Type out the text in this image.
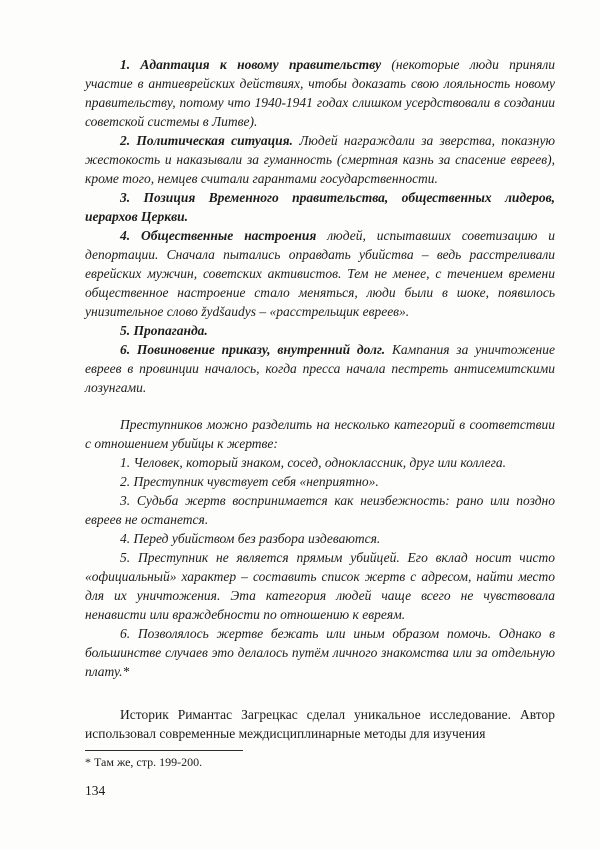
1. Адаптация к новому правительству (некоторые люди приняли участие в антиеврейских действиях, чтобы доказать свою лояльность новому правительству, потому что 1940-1941 годах слишком усердствовали в создании советской системы в Литве).

2. Политическая ситуация. Людей награждали за зверства, показную жестокость и наказывали за гуманность (смертная казнь за спасение евреев), кроме того, немцев считали гарантами государственности.

3. Позиция Временного правительства, общественных лидеров, иерархов Церкви.

4. Общественные настроения людей, испытавших советизацию и депортации. Сначала пытались оправдать убийства – ведь расстреливали еврейских мужчин, советских активистов. Тем не менее, с течением времени общественное настроение стало меняться, люди были в шоке, появилось унизительное слово žydšaudys – «расстрельщик евреев».

5. Пропаганда.

6. Повиновение приказу, внутренний долг. Кампания за уничтожение евреев в провинции началось, когда пресса начала пестреть антисемитскими лозунгами.

Преступников можно разделить на несколько категорий в соответствии с отношением убийцы к жертве:

1. Человек, который знаком, сосед, одноклассник, друг или коллега.

2. Преступник чувствует себя «неприятно».

3. Судьба жертв воспринимается как неизбежность: рано или поздно евреев не останется.

4. Перед убийством без разбора издеваются.

5. Преступник не является прямым убийцей. Его вклад носит чисто «официальный» характер – составить список жертв с адресом, найти место для их уничтожения. Эта категория людей чаще всего не чувствовала ненависти или враждебности по отношению к евреям.

6. Позволялось жертве бежать или иным образом помочь. Однако в большинстве случаев это делалось путём личного знакомства или за отдельную плату.*

Историк Римантас Загрецкас сделал уникальное исследование. Автор использовал современные междисциплинарные методы для изучения

* Там же, стр. 199-200.
134
